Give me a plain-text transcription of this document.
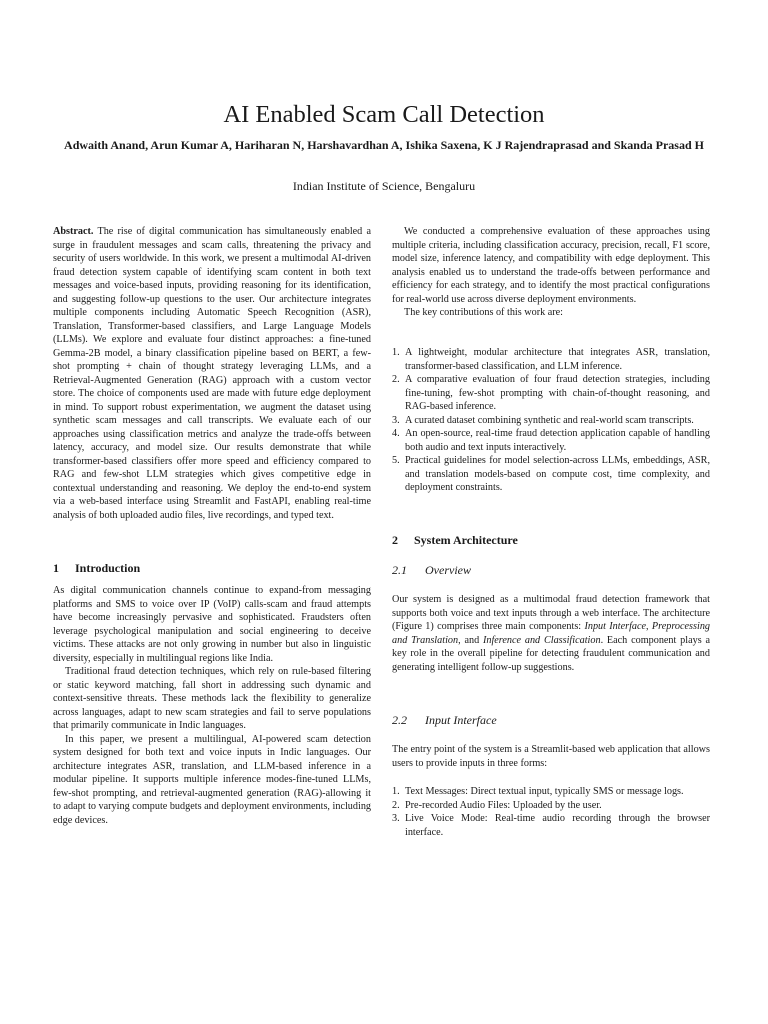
AI Enabled Scam Call Detection

Adwaith Anand, Arun Kumar A, Hariharan N, Harshavardhan A, Ishika Saxena, K J Rajendraprasad and Skanda Prasad H

Indian Institute of Science, Bengaluru

Abstract. The rise of digital communication has simultaneously enabled a surge in fraudulent messages and scam calls, threatening the privacy and security of users worldwide. In this work, we present a multimodal AI-driven fraud detection system capable of identifying scam content in both text messages and voice-based inputs, providing reasoning for its identification, and suggesting follow-up questions to the user. Our architecture integrates multiple components including Automatic Speech Recognition (ASR), Translation, Transformer-based classifiers, and Large Language Models (LLMs). We explore and evaluate four distinct approaches: a fine-tuned Gemma-2B model, a binary classification pipeline based on BERT, a few-shot prompting + chain of thought strategy leveraging LLMs, and a Retrieval-Augmented Generation (RAG) approach with a custom vector store. The choice of components used are made with future edge deployment in mind. To support robust experimentation, we augment the dataset using synthetic scam messages and call transcripts. We evaluate each of our approaches using classification metrics and analyze the trade-offs between latency, accuracy, and model size. Our results demonstrate that while transformer-based classifiers offer more speed and efficiency compared to RAG and few-shot LLM strategies which gives competitive edge in contextual understanding and reasoning. We deploy the end-to-end system via a web-based interface using Streamlit and FastAPI, enabling real-time analysis of both uploaded audio files, live recordings, and typed text.

1 Introduction

As digital communication channels continue to expand-from messaging platforms and SMS to voice over IP (VoIP) calls-scam and fraud attempts have become increasingly pervasive and sophisticated. Fraudsters often leverage psychological manipulation and social engineering to deceive victims. These attacks are not only growing in number but also in linguistic diversity, especially in multilingual regions like India.

Traditional fraud detection techniques, which rely on rule-based filtering or static keyword matching, fall short in addressing such dynamic and context-sensitive threats. These methods lack the flexibility to generalize across languages, adapt to new scam strategies and fail to serve populations that primarily communicate in Indic languages.

In this paper, we present a multilingual, AI-powered scam detection system designed for both text and voice inputs in Indic languages. Our architecture integrates ASR, translation, and LLM-based inference in a modular pipeline. It supports multiple inference modes-fine-tuned LLMs, few-shot prompting, and retrieval-augmented generation (RAG)-allowing it to adapt to varying compute budgets and deployment environments, including edge devices.

We conducted a comprehensive evaluation of these approaches using multiple criteria, including classification accuracy, precision, recall, F1 score, model size, inference latency, and compatibility with edge deployment. This analysis enabled us to understand the trade-offs between performance and efficiency for each strategy, and to identify the most practical configurations for real-world use across diverse deployment environments.

The key contributions of this work are:

1. A lightweight, modular architecture that integrates ASR, translation, transformer-based classification, and LLM inference.
2. A comparative evaluation of four fraud detection strategies, including fine-tuning, few-shot prompting with chain-of-thought reasoning, and RAG-based inference.
3. A curated dataset combining synthetic and real-world scam transcripts.
4. An open-source, real-time fraud detection application capable of handling both audio and text inputs interactively.
5. Practical guidelines for model selection-across LLMs, embeddings, ASR, and translation models-based on compute cost, time complexity, and deployment constraints.
2 System Architecture
2.1 Overview

Our system is designed as a multimodal fraud detection framework that supports both voice and text inputs through a web interface. The architecture (Figure 1) comprises three main components: Input Interface, Preprocessing and Translation, and Inference and Classification. Each component plays a key role in the overall pipeline for detecting fraudulent communication and generating intelligent follow-up suggestions.

2.2 Input Interface

The entry point of the system is a Streamlit-based web application that allows users to provide inputs in three forms:

1. Text Messages: Direct textual input, typically SMS or message logs.
2. Pre-recorded Audio Files: Uploaded by the user.
3. Live Voice Mode: Real-time audio recording through the browser interface.
